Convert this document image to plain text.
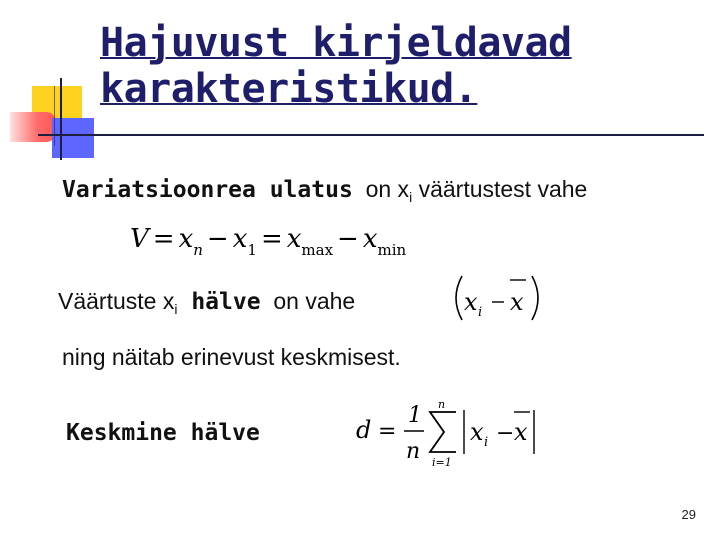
Hajuvust kirjeldavad
karakteristikud.
Variatsioonrea ulatus  on $x_i$ väärtustest vahe
$V = x_n - x_1 = x_{max} - x_{min}$
Väärtuste $x_i$ hälve  on vahe	x i x
ning näitab erinevust keskmisest.
Keskmine hälve	d =
1
n
n
i=1
x i − x
29
